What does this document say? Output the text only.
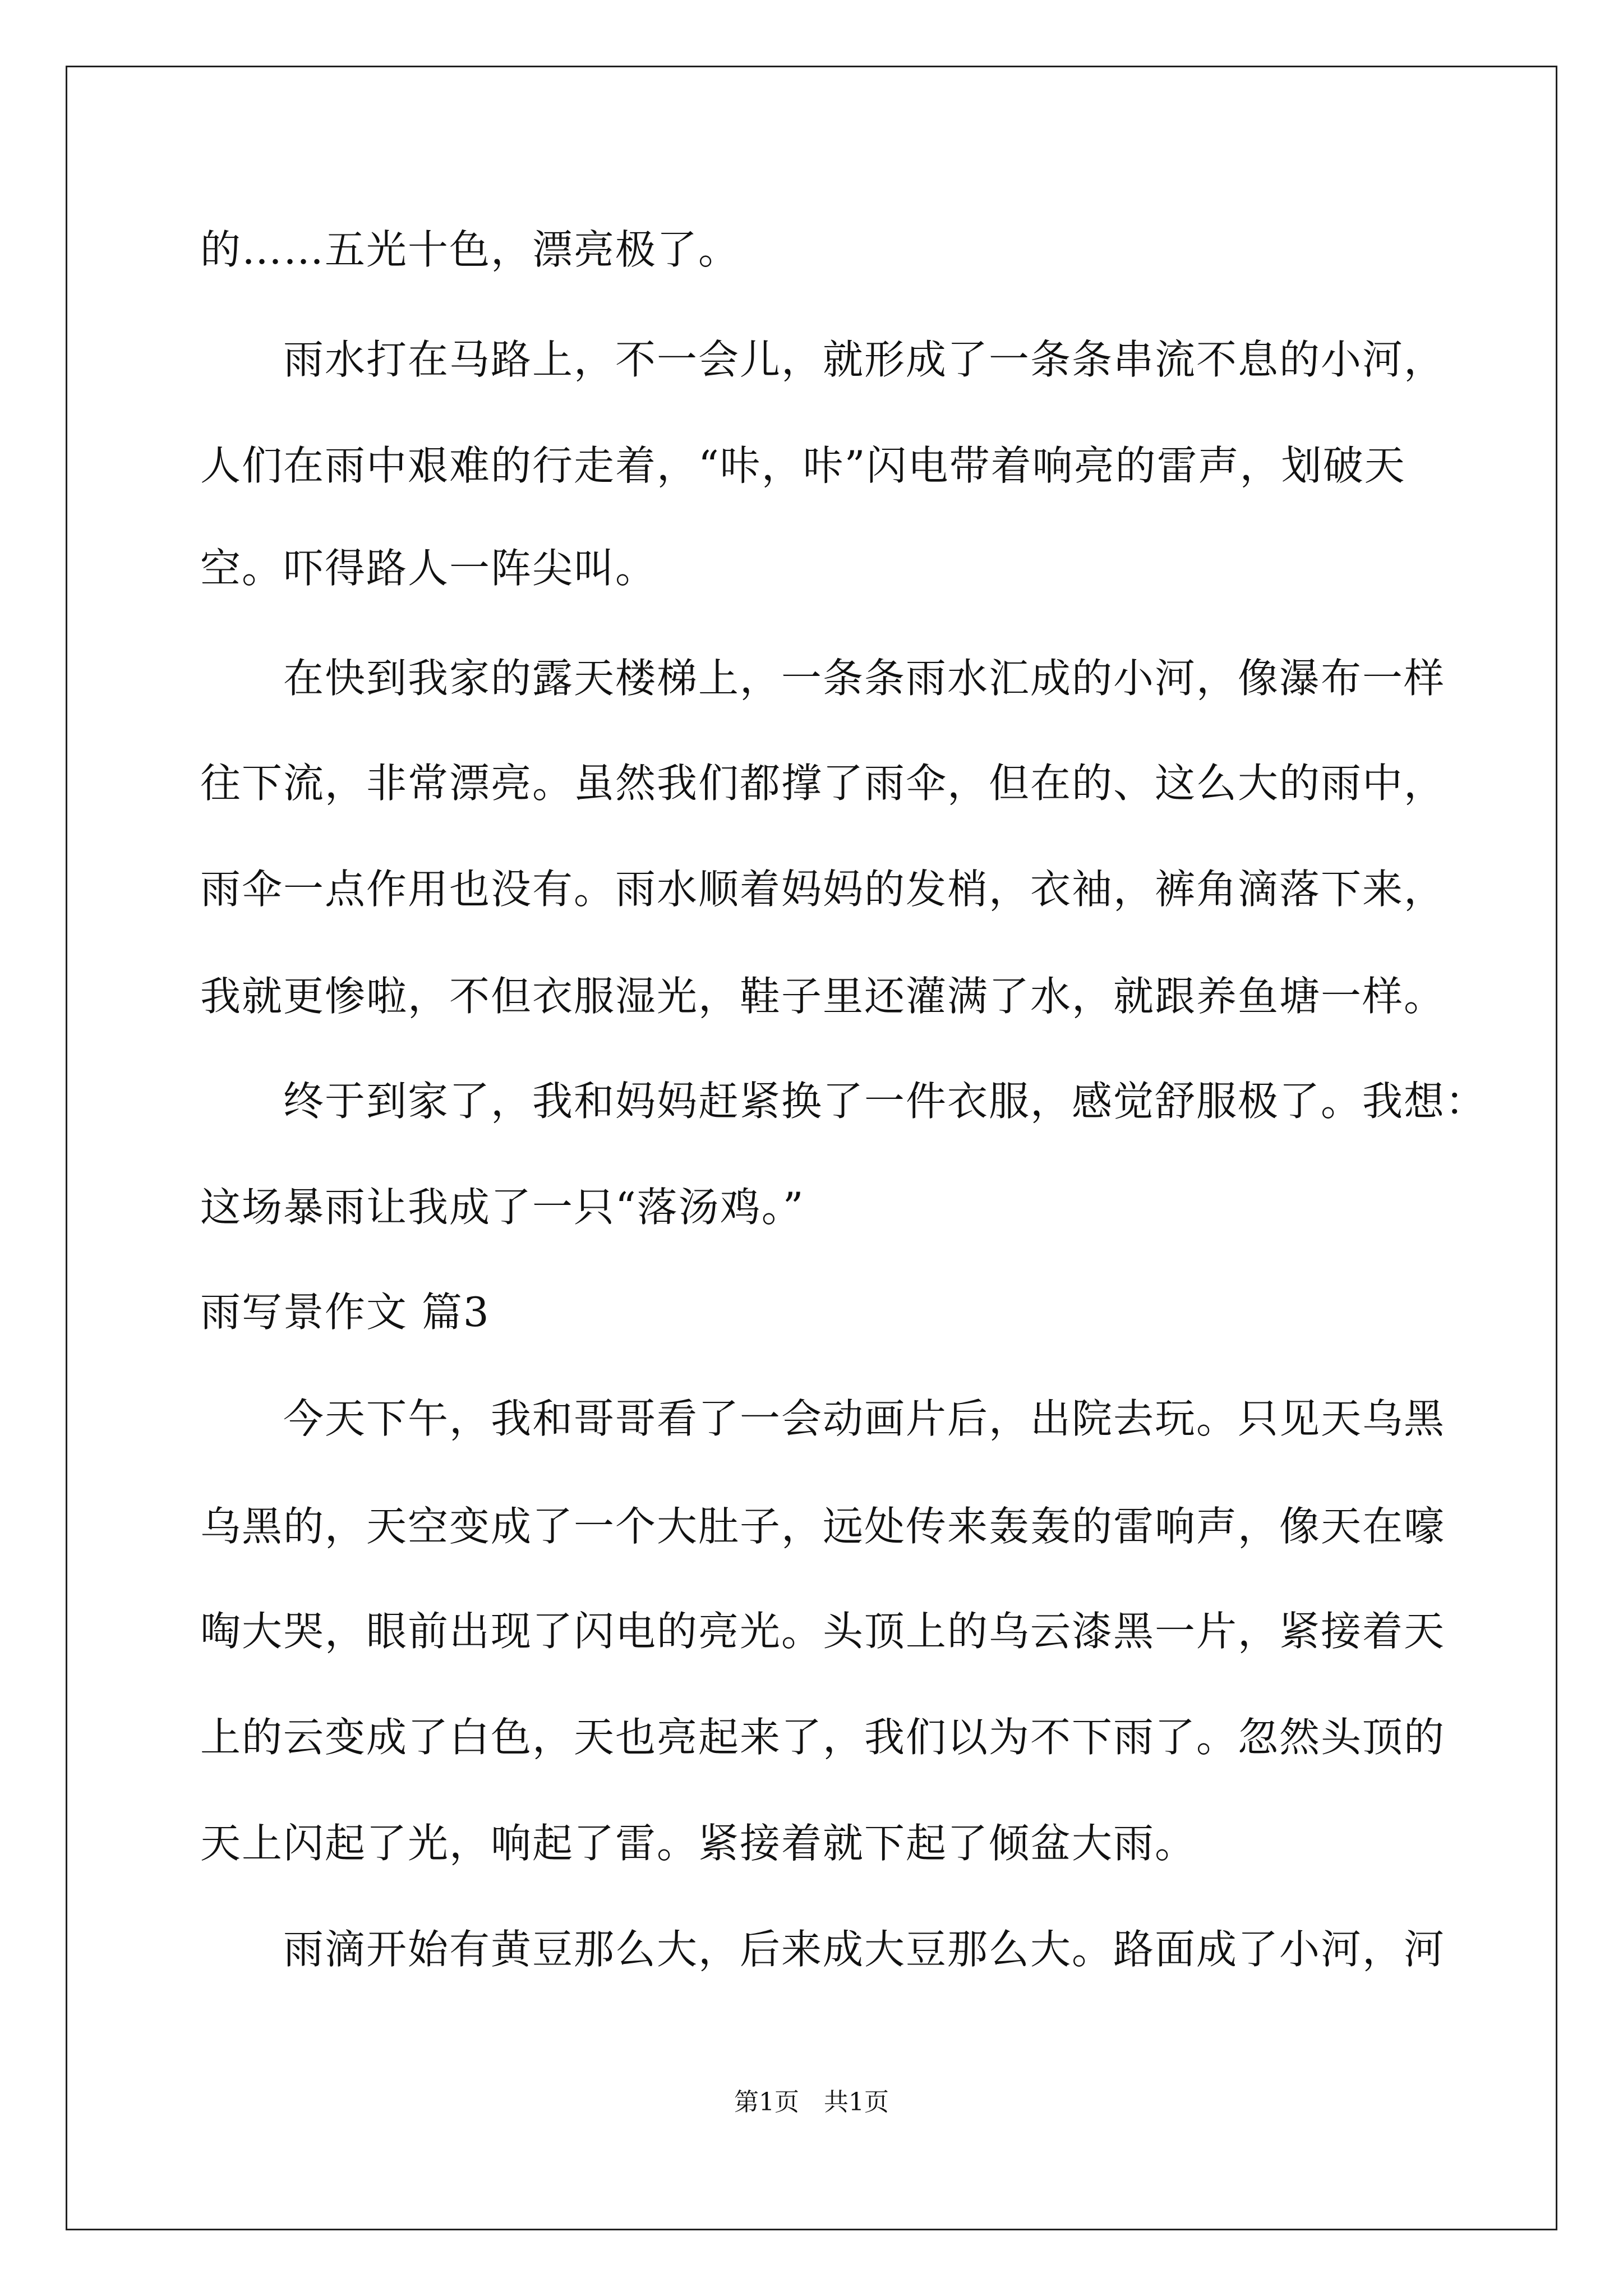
的……五光十色，漂亮极了。
雨水打在马路上，不一会儿，就形成了一条条串流不息的小河，
人们在雨中艰难的行走着，“咔，咔”闪电带着响亮的雷声，划破天
空。吓得路人一阵尖叫。
在快到我家的露天楼梯上，一条条雨水汇成的小河，像瀑布一样
往下流，非常漂亮。虽然我们都撑了雨伞，但在的、这么大的雨中，
雨伞一点作用也没有。雨水顺着妈妈的发梢，衣袖，裤角滴落下来，
我就更惨啦，不但衣服湿光，鞋子里还灌满了水，就跟养鱼塘一样。
终于到家了，我和妈妈赶紧换了一件衣服，感觉舒服极了。我想：
这场暴雨让我成了一只“落汤鸡。”
雨写景作文 篇3
今天下午，我和哥哥看了一会动画片后，出院去玩。只见天乌黑
乌黑的，天空变成了一个大肚子，远处传来轰轰的雷响声，像天在嚎
啕大哭，眼前出现了闪电的亮光。头顶上的乌云漆黑一片，紧接着天
上的云变成了白色，天也亮起来了，我们以为不下雨了。忽然头顶的
天上闪起了光，响起了雷。紧接着就下起了倾盆大雨。
雨滴开始有黄豆那么大，后来成大豆那么大。路面成了小河，河
第1页　共1页
